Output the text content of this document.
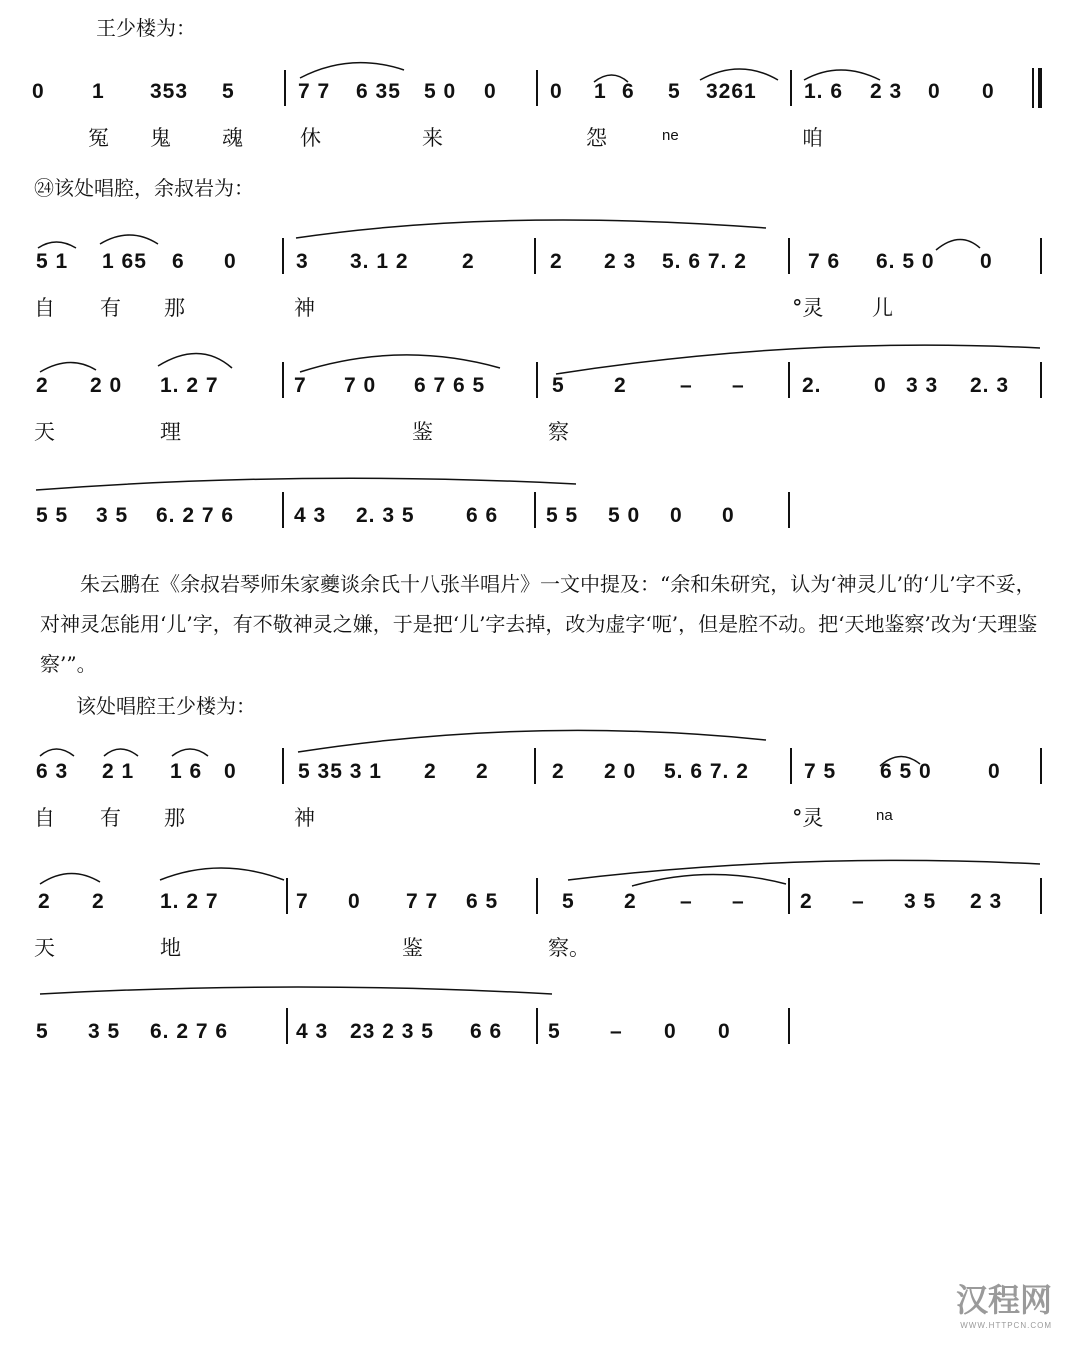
王少楼为：
㉔该处唱腔，余叔岩为：
该处唱腔王少楼为：
0 1 353 5	7 7 6 35 5 0 0	0 1 6 5 3261 1. 6 2 3 0 0
冤 鬼 魂	休	来	怨	ne	咱
5 1 1 65 6 0	3 3. 1 2	2	2 2 3 5. 6 7. 2	7 6 6. 5 0 0
自 有 那	神	°灵 儿
2 2 0 1. 2 7	7 7 0 6 7 6 5	5 2	– –	2. 0 3 3 2. 3
天	理	鉴	察
5 5 3 5 6. 2 7 6	4 3 2. 3 5 6 6 5 5 5 0 0 0

朱云鹏在《余叔岩琴师朱家夔谈余氏十八张半唱片》一文中提及：“余和朱研究，认为‘神灵儿’的‘儿’字不妥，对神灵怎能用‘儿’字，有不敬神灵之嫌，于是把‘儿’字去掉，改为虚字‘呃’，但是腔不动。把‘天地鉴察’改为‘天理鉴察’”。

6 3 2 1 1 6 0	5 35 3 1 2 2	2 2 0 5. 6 7. 2	7 5 6 5 0	0
自 有 那	神	°灵	na
2 2	1. 2 7	7 0 7 7 6 5	5 2 – –	2 – 3 5 2 3
天	地	鉴	察。
5 3 5 6. 2 7 6	4 3 23 2 3 5 6 6 5 – 0 0
汉程网
WWW.HTTPCN.COM
